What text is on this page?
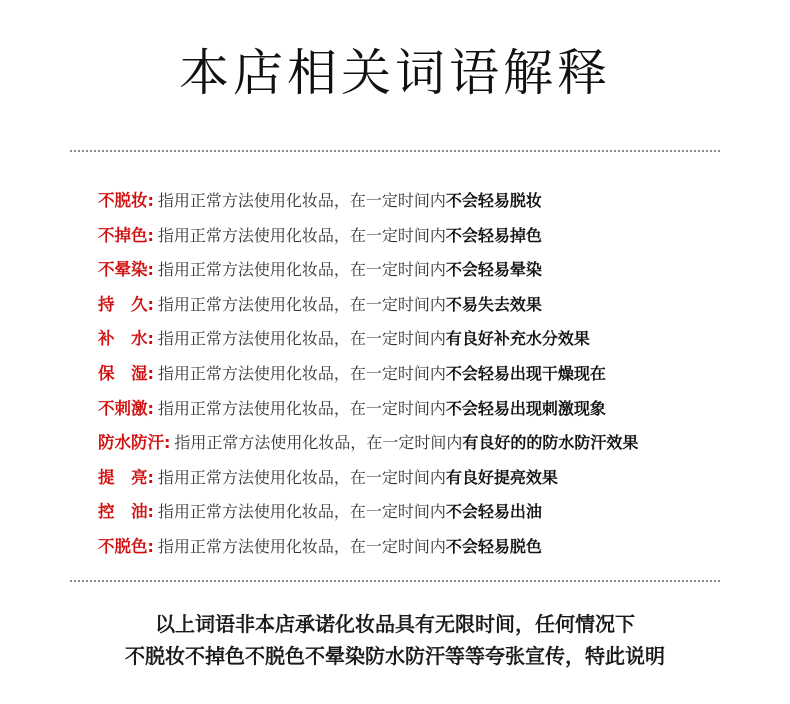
本店相关词语解释
不脱妆: 指用正常方法使用化妆品，在一定时间内不会轻易脱妆
不掉色: 指用正常方法使用化妆品，在一定时间内不会轻易掉色
不晕染: 指用正常方法使用化妆品，在一定时间内不会轻易晕染
持　久: 指用正常方法使用化妆品，在一定时间内不易失去效果
补　水: 指用正常方法使用化妆品，在一定时间内有良好补充水分效果
保　湿: 指用正常方法使用化妆品，在一定时间内不会轻易出现干燥现在
不刺激: 指用正常方法使用化妆品，在一定时间内不会轻易出现刺激现象
防水防汗: 指用正常方法使用化妆品，在一定时间内有良好的的防水防汗效果
提　亮: 指用正常方法使用化妆品，在一定时间内有良好提亮效果
控　油: 指用正常方法使用化妆品，在一定时间内不会轻易出油
不脱色: 指用正常方法使用化妆品，在一定时间内不会轻易脱色
以上词语非本店承诺化妆品具有无限时间，任何情况下
不脱妆不掉色不脱色不晕染防水防汗等等夸张宣传，特此说明
